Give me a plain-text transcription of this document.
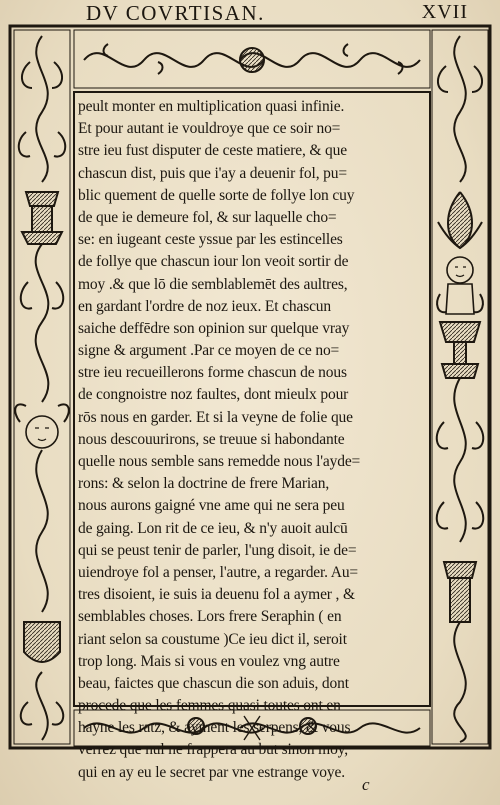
DV COVRTISAN.	XVII
peult monter en multiplication quasi infinie.
Et pour autant ie vouldroye que ce soir no=
stre ieu fust disputer de ceste matiere, & que
chascun dist, puis que i'ay a deuenir fol, pu=
blic quement de quelle sorte de follye lon cuy
de que ie demeure fol, & sur laquelle cho=
se: en iugeant ceste yssue par les estincelles
de follye que chascun iour lon veoit sortir de
moy .& que lō die semblablemēt des aultres,
en gardant l'ordre de noz ieux. Et chascun
saiche deffēdre son opinion sur quelque vray
signe & argument .Par ce moyen de ce no=
stre ieu recueillerons forme chascun de nous
de congnoistre noz faultes, dont mieulx pour
rōs nous en garder. Et si la veyne de folie que
nous descouurirons, se treuue si habondante
quelle nous semble sans remedde nous l'ayde=
rons: & selon la doctrine de frere Marian,
nous aurons gaigné vne ame qui ne sera peu
de gaing. Lon rit de ce ieu, & n'y auoit aulcū
qui se peust tenir de parler, l'ung disoit, ie de=
uiendroye fol a penser, l'autre, a regarder. Au=
tres disoient, ie suis ia deuenu fol a aymer , &
semblables choses. Lors frere Seraphin ( en
riant selon sa coustume )Ce ieu dict il, seroit
trop long. Mais si vous en voulez vng autre
beau, faictes que chascun die son aduis, dont
procede que les femmes quasi toutes ont en
hayne les ratz, & ayment les serpens, & vous
verrez que nul ne frappera au but sinon moy,
qui en ay eu le secret par vne estrange voye.
c
